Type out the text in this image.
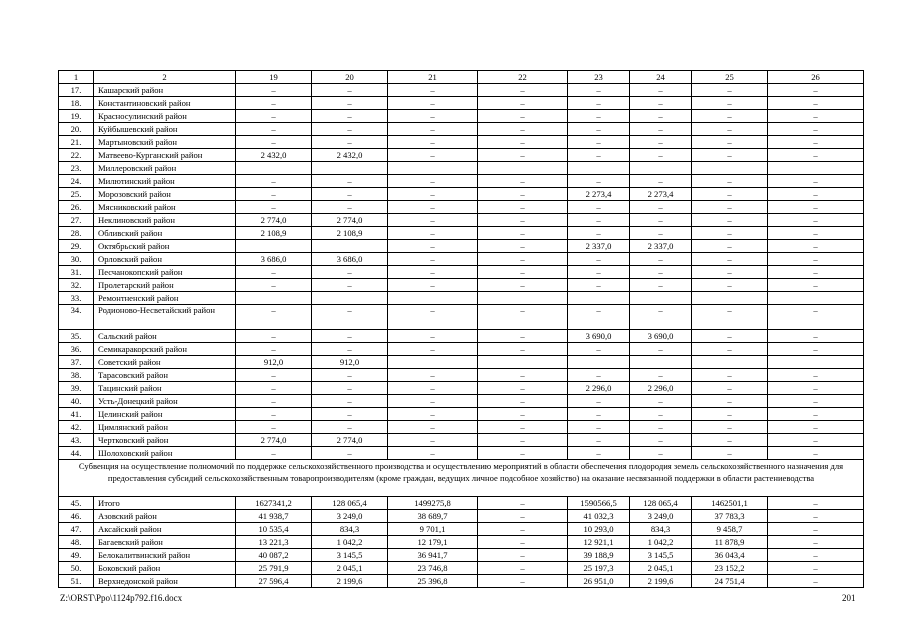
1	2	19	20	21	22	23	24	25	26
17.	Кашарский район	–	–	–	–	–	–	–	–
18.	Константиновский район	–	–	–	–	–	–	–	–
19.	Красносулинский район	–	–	–	–	–	–	–	–
20.	Куйбышевский район	–	–	–	–	–	–	–	–
21.	Мартыновский район	–	–	–	–	–	–	–	–
22.	Матвеево-Курганский район	2 432,0	2 432,0	–	–	–	–	–	–
23.	Миллеровский район								
24.	Милютинский район	–	–	–	–	–	–	–	–
25.	Морозовский район	–	–	–	–	2 273,4	2 273,4	–	–
26.	Мясниковский район	–	–	–	–	–	–	–	–
27.	Неклиновский район	2 774,0	2 774,0	–	–	–	–	–	–
28.	Обливский район	2 108,9	2 108,9	–	–	–	–	–	–
29.	Октябрьский район			–	–	2 337,0	2 337,0	–	–
30.	Орловский район	3 686,0	3 686,0	–	–	–	–	–	–
31.	Песчанокопский район	–	–	–	–	–	–	–	–
32.	Пролетарский район	–	–	–	–	–	–	–	–
33.	Ремонтненский район								
34.	Родионово-Несветайский район	–	–	–	–	–	–	–	–
35.	Сальский район	–	–	–	–	3 690,0	3 690,0	–	–
36.	Семикаракорский район	–	–	–	–	–	–	–	–
37.	Советский район	912,0	912,0						
38.	Тарасовский район	–	–	–	–	–	–	–	–
39.	Тацинский район	–	–	–	–	2 296,0	2 296,0	–	–
40.	Усть-Донецкий район	–	–	–	–	–	–	–	–
41.	Целинский район	–	–	–	–	–	–	–	–
42.	Цимлянский район	–	–	–	–	–	–	–	–
43.	Чертковский район	2 774,0	2 774,0	–	–	–	–	–	–
44.	Шолоховский район	–	–	–	–	–	–	–	–
Субвенция на осуществление полномочий по поддержке сельскохозяйственного производства и осуществлению мероприятий в области обеспечения плодородия земель сельскохозяйственного назначения для предоставления субсидий сельскохозяйственным товаропроизводителям (кроме граждан, ведущих личное подсобное хозяйство) на оказание несвязанной поддержки в области растениеводства									
45.	Итого	1627341,2	128 065,4	1499275,8	–	1590566,5	128 065,4	1462501,1	–
46.	Азовский район	41 938,7	3 249,0	38 689,7	–	41 032,3	3 249,0	37 783,3	–
47.	Аксайский район	10 535,4	834,3	9 701,1	–	10 293,0	834,3	9 458,7	–
48.	Багаевский район	13 221,3	1 042,2	12 179,1	–	12 921,1	1 042,2	11 878,9	–
49.	Белокалитвинский район	40 087,2	3 145,5	36 941,7	–	39 188,9	3 145,5	36 043,4	–
50.	Боковский район	25 791,9	2 045,1	23 746,8	–	25 197,3	2 045,1	23 152,2	–
51.	Верхнедонской район	27 596,4	2 199,6	25 396,8	–	26 951,0	2 199,6	24 751,4	–
Z:\ORST\Ppo\1124p792.f16.docx	201
